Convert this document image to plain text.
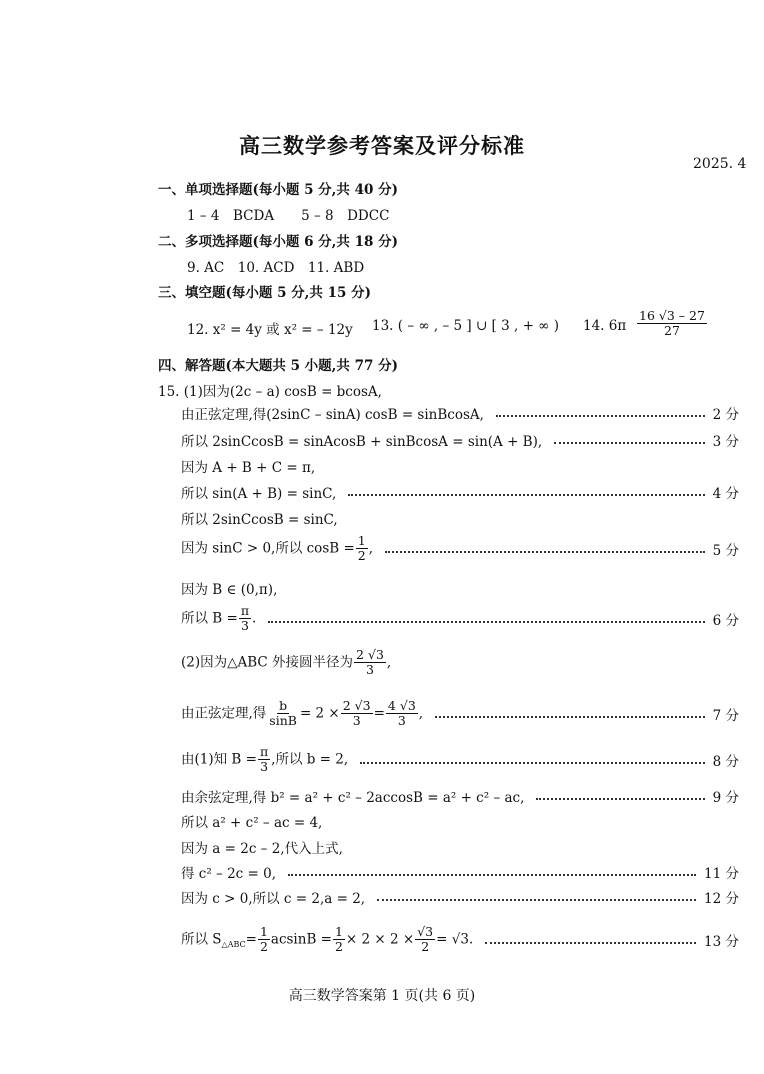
高三数学参考答案及评分标准
2025. 4
一、单项选择题(每小题 5 分,共 40 分)
1 – 4　BCDA　　5 – 8　DDCC
二、多项选择题(每小题 6 分,共 18 分)
9. AC　10. ACD　11. ABD
三、填空题(每小题 5 分,共 15 分)
12. x² = 4y 或 x² = – 12y 13. ( – ∞ , – 5 ] ∪ [ 3 , + ∞ ) 14. $6\pi \frac{16 √3 - 27}{27}$
四、解答题(本大题共 5 小题,共 77 分)
15. (1)因为(2c – a) cosB = bcosA,
由正弦定理,得(2sinC – sinA) cosB = sinBcosA,	2 分
所以 2sinCcosB = sinAcosB + sinBcosA = sin(A + B),	3 分
因为 A + B + C = π,
所以 sin(A + B) = sinC,	4 分
所以 2sinCcosB = sinC,
因为 sinC > 0,所以 $\cos B = \frac{1}{2}$ ,	5 分
因为 B ∈ (0,π),
所以 $B = \frac{\pi}{3}$ .	6 分
(2)因为△ABC 外接圆半径为 $\frac{2 √3}{3}$ ,
由正弦定理,得 $\frac{b}{\sin B} = 2 \times \frac{2 √3}{3} = \frac{4 √3}{3}$ ,	7 分
由(1)知 $B = \frac{\pi}{3}$ ,所以 b = 2,	8 分
由余弦定理,得 b² = a² + c² – 2accosB = a² + c² – ac,	9 分
所以 a² + c² – ac = 4,
因为 a = 2c – 2,代入上式,
得 c² – 2c = 0,	11 分
因为 c > 0,所以 c = 2,a = 2,	12 分
所以 $S_{\triangle ABC}= \frac{1}{2}$ $acsinB = \frac{1}{2} \times 2 \times 2 \times \frac{√3}{2} = √3$.	13 分
高三数学答案第 1 页(共 6 页)
